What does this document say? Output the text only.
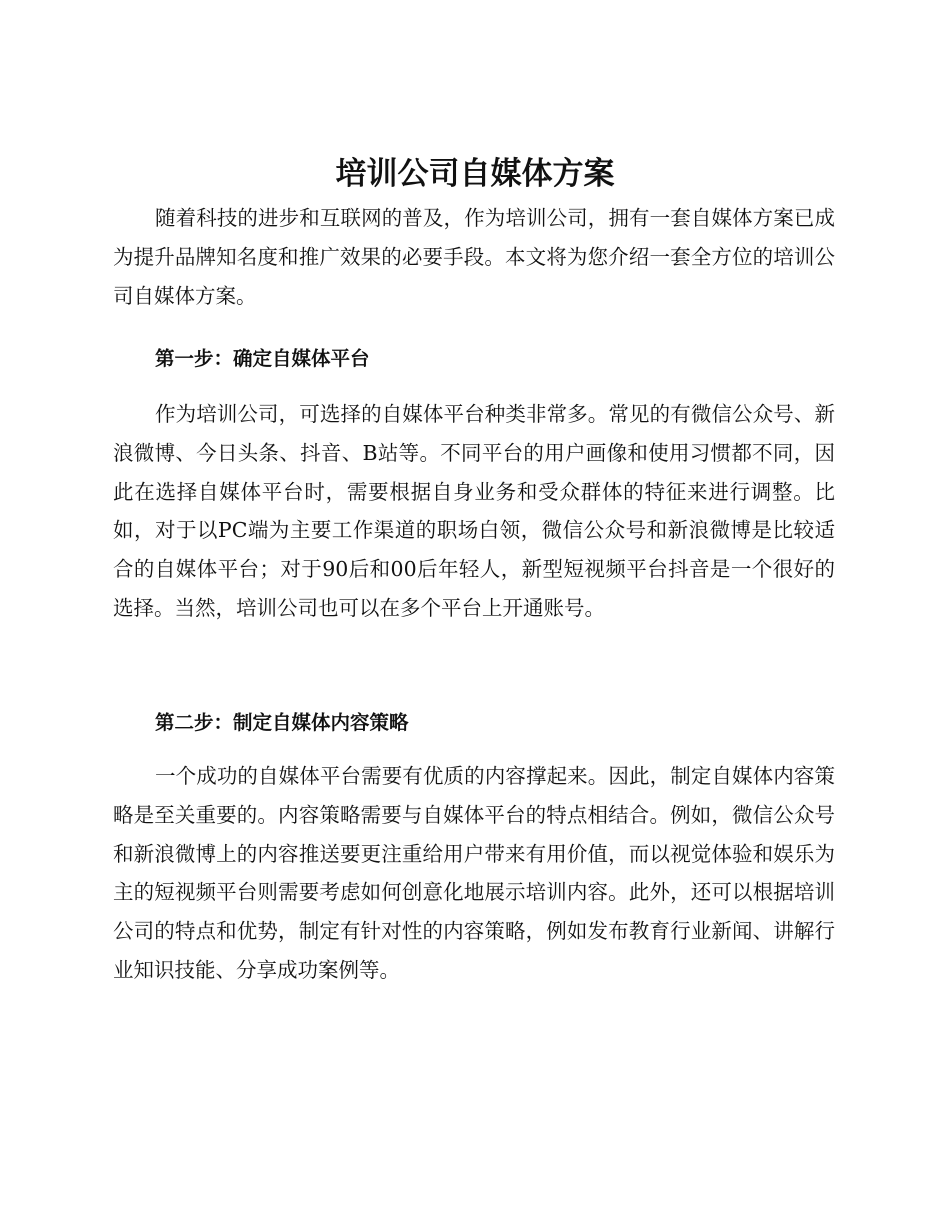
培训公司自媒体方案

随着科技的进步和互联网的普及，作为培训公司，拥有一套自媒体方案已成为提升品牌知名度和推广效果的必要手段。本文将为您介绍一套全方位的培训公司自媒体方案。

第一步：确定自媒体平台

作为培训公司，可选择的自媒体平台种类非常多。常见的有微信公众号、新浪微博、今日头条、抖音、B站等。不同平台的用户画像和使用习惯都不同，因此在选择自媒体平台时，需要根据自身业务和受众群体的特征来进行调整。比如，对于以PC端为主要工作渠道的职场白领，微信公众号和新浪微博是比较适合的自媒体平台；对于90后和00后年轻人，新型短视频平台抖音是一个很好的选择。当然，培训公司也可以在多个平台上开通账号。

第二步：制定自媒体内容策略

一个成功的自媒体平台需要有优质的内容撑起来。因此，制定自媒体内容策略是至关重要的。内容策略需要与自媒体平台的特点相结合。例如，微信公众号和新浪微博上的内容推送要更注重给用户带来有用价值，而以视觉体验和娱乐为主的短视频平台则需要考虑如何创意化地展示培训内容。此外，还可以根据培训公司的特点和优势，制定有针对性的内容策略，例如发布教育行业新闻、讲解行业知识技能、分享成功案例等。
